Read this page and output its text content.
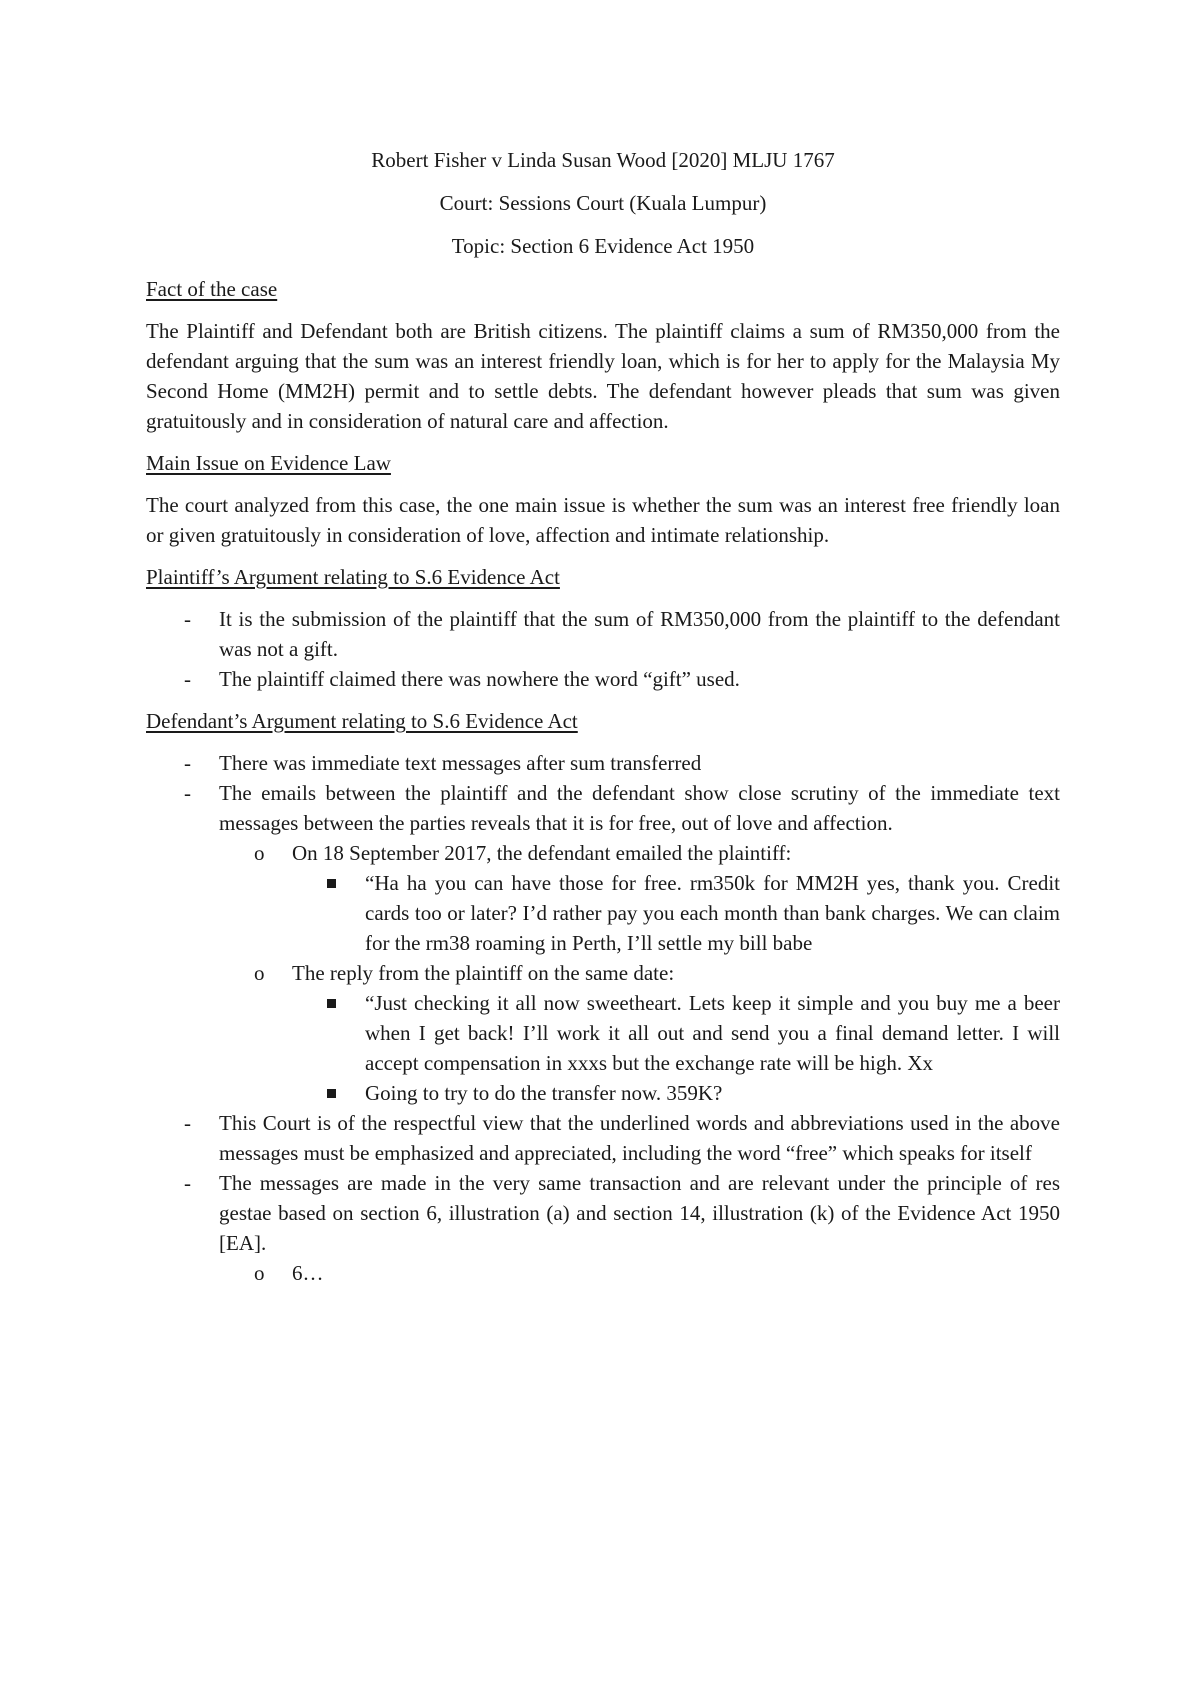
Robert Fisher v Linda Susan Wood [2020] MLJU 1767

Court: Sessions Court (Kuala Lumpur)

Topic: Section 6 Evidence Act 1950

Fact of the case

The Plaintiff and Defendant both are British citizens. The plaintiff claims a sum of RM350,000 from the defendant arguing that the sum was an interest friendly loan, which is for her to apply for the Malaysia My Second Home (MM2H) permit and to settle debts. The defendant however pleads that sum was given gratuitously and in consideration of natural care and affection.

Main Issue on Evidence Law

The court analyzed from this case, the one main issue is whether the sum was an interest free friendly loan or given gratuitously in consideration of love, affection and intimate relationship.

Plaintiff’s Argument relating to S.6 Evidence Act

- It is the submission of the plaintiff that the sum of RM350,000 from the plaintiff to the defendant was not a gift.
- The plaintiff claimed there was nowhere the word “gift” used.

Defendant’s Argument relating to S.6 Evidence Act

- There was immediate text messages after sum transferred
- The emails between the plaintiff and the defendant show close scrutiny of the immediate text messages between the parties reveals that it is for free, out of love and affection.
o On 18 September 2017, the defendant emailed the plaintiff:
“Ha ha you can have those for free. rm350k for MM2H yes, thank you. Credit cards too or later? I’d rather pay you each month than bank charges. We can claim for the rm38 roaming in Perth, I’ll settle my bill babe
o The reply from the plaintiff on the same date:
“Just checking it all now sweetheart. Lets keep it simple and you buy me a beer when I get back! I’ll work it all out and send you a final demand letter. I will accept compensation in xxxs but the exchange rate will be high. Xx
Going to try to do the transfer now. 359K?
- This Court is of the respectful view that the underlined words and abbreviations used in the above messages must be emphasized and appreciated, including the word “free” which speaks for itself
- The messages are made in the very same transaction and are relevant under the principle of res gestae based on section 6, illustration (a) and section 14, illustration (k) of the Evidence Act 1950 [EA].
o 6…
